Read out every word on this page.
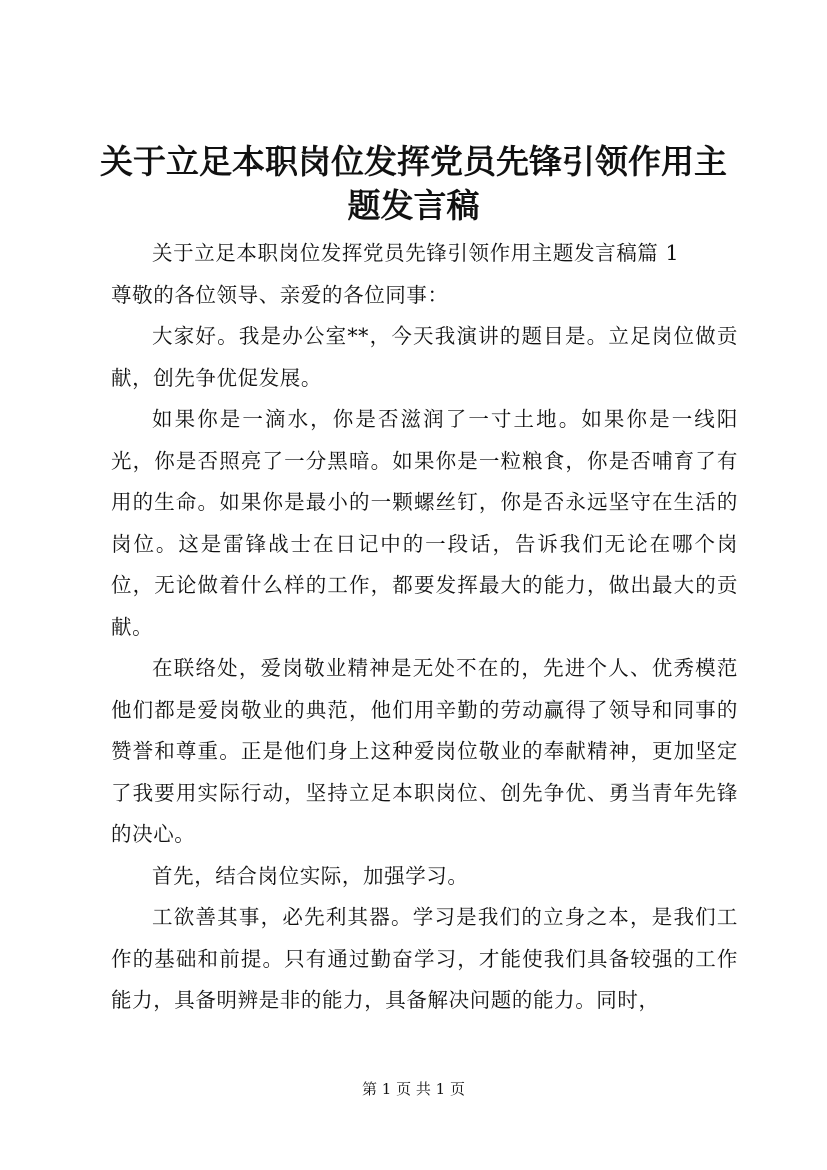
关于立足本职岗位发挥党员先锋引领作用主题发言稿

关于立足本职岗位发挥党员先锋引领作用主题发言稿篇 1

尊敬的各位领导、亲爱的各位同事：

大家好。我是办公室**，今天我演讲的题目是。立足岗位做贡献，创先争优促发展。

如果你是一滴水，你是否滋润了一寸土地。如果你是一线阳光，你是否照亮了一分黑暗。如果你是一粒粮食，你是否哺育了有用的生命。如果你是最小的一颗螺丝钉，你是否永远坚守在生活的岗位。这是雷锋战士在日记中的一段话，告诉我们无论在哪个岗位，无论做着什么样的工作，都要发挥最大的能力，做出最大的贡献。

在联络处，爱岗敬业精神是无处不在的，先进个人、优秀模范他们都是爱岗敬业的典范，他们用辛勤的劳动赢得了领导和同事的赞誉和尊重。正是他们身上这种爱岗位敬业的奉献精神，更加坚定了我要用实际行动，坚持立足本职岗位、创先争优、勇当青年先锋的决心。

首先，结合岗位实际，加强学习。

工欲善其事，必先利其器。学习是我们的立身之本，是我们工作的基础和前提。只有通过勤奋学习，才能使我们具备较强的工作能力，具备明辨是非的能力，具备解决问题的能力。同时，

第 1 页 共 1 页
